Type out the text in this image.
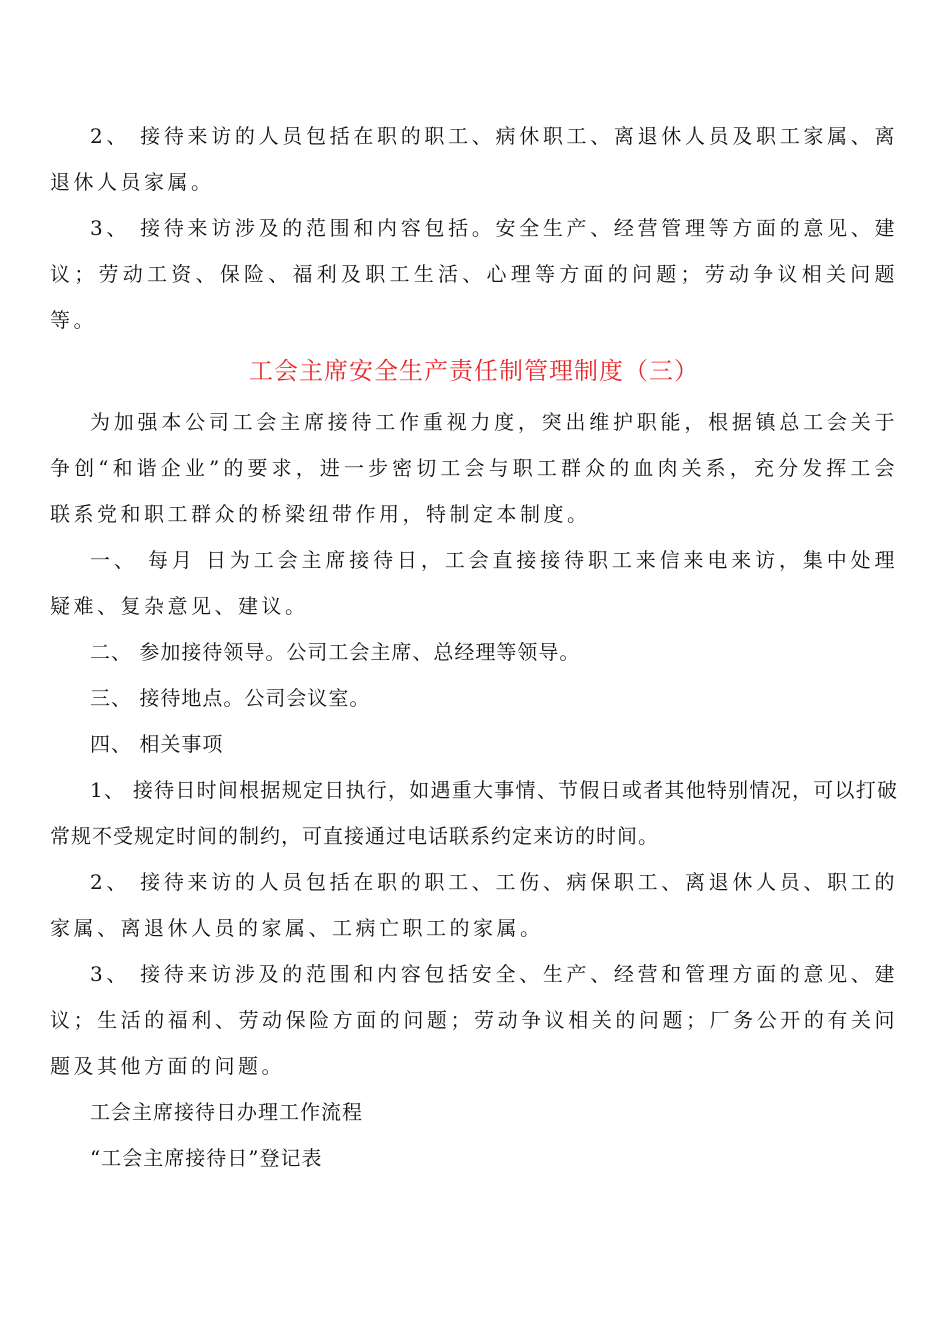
2、 接待来访的人员包括在职的职工、病休职工、离退休人员及职工家属、离退休人员家属。

3、 接待来访涉及的范围和内容包括。安全生产、经营管理等方面的意见、建议；劳动工资、保险、福利及职工生活、心理等方面的问题；劳动争议相关问题等。

工会主席安全生产责任制管理制度（三）

为加强本公司工会主席接待工作重视力度，突出维护职能，根据镇总工会关于争创“和谐企业”的要求，进一步密切工会与职工群众的血肉关系，充分发挥工会联系党和职工群众的桥梁纽带作用，特制定本制度。

一、 每月 日为工会主席接待日，工会直接接待职工来信来电来访，集中处理疑难、复杂意见、建议。

二、 参加接待领导。公司工会主席、总经理等领导。

三、 接待地点。公司会议室。

四、 相关事项

1、 接待日时间根据规定日执行，如遇重大事情、节假日或者其他特别情况，可以打破常规不受规定时间的制约，可直接通过电话联系约定来访的时间。

2、 接待来访的人员包括在职的职工、工伤、病保职工、离退休人员、职工的家属、离退休人员的家属、工病亡职工的家属。

3、 接待来访涉及的范围和内容包括安全、生产、经营和管理方面的意见、建议；生活的福利、劳动保险方面的问题；劳动争议相关的问题；厂务公开的有关问题及其他方面的问题。

工会主席接待日办理工作流程

“工会主席接待日”登记表
